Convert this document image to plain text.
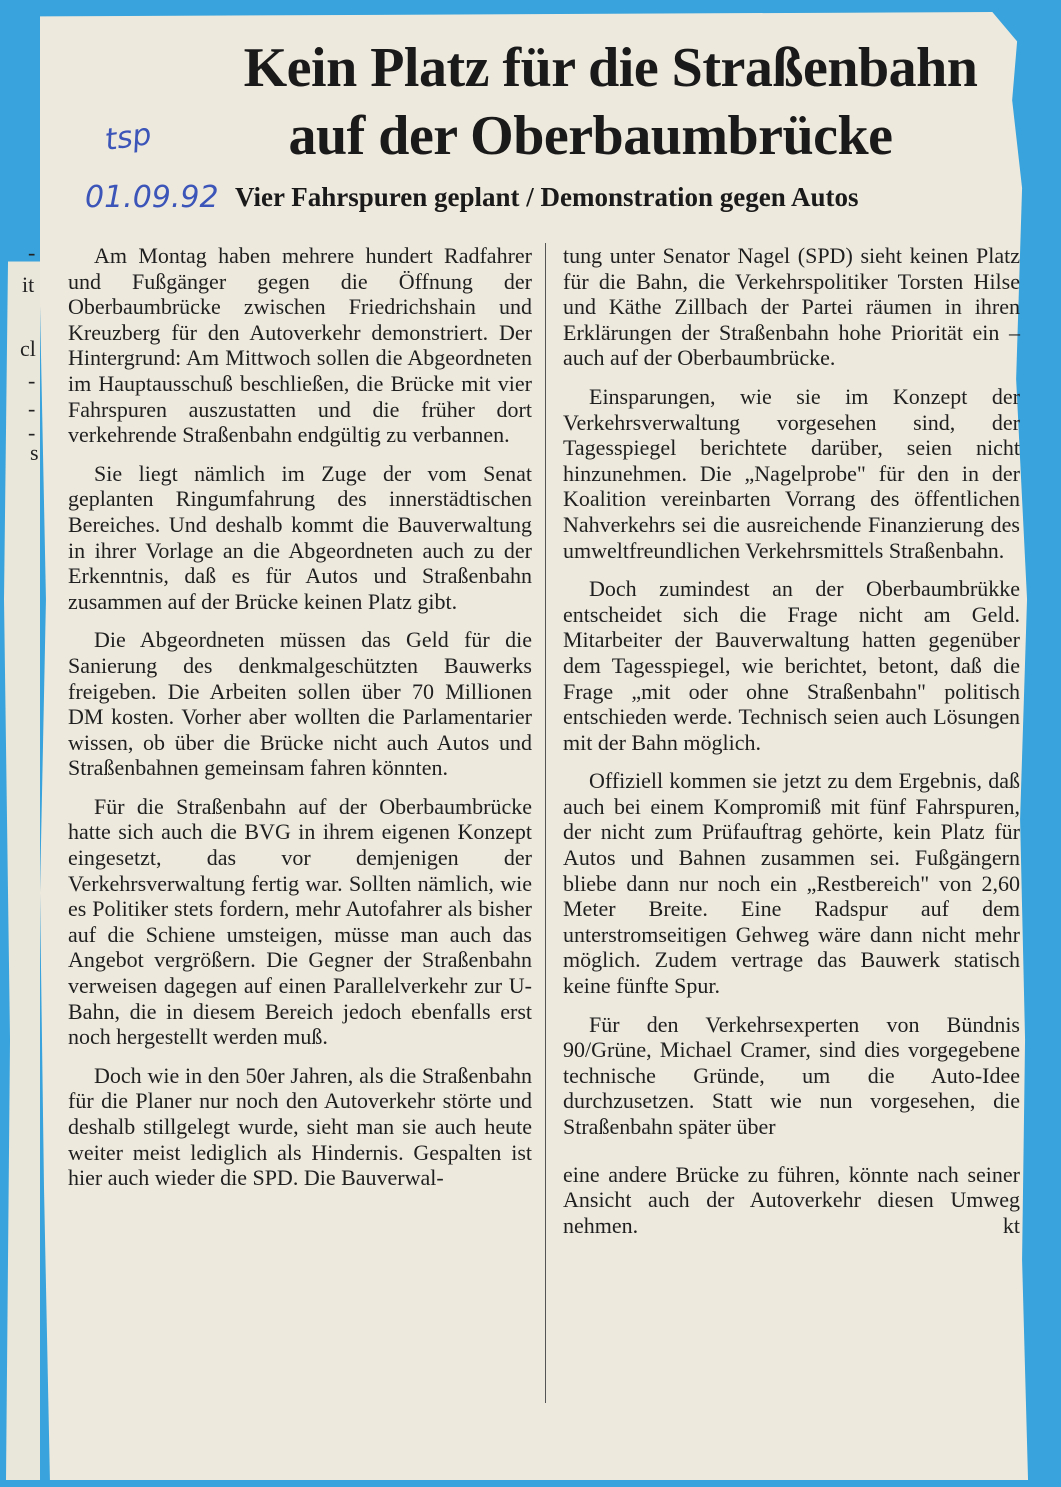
-
it
cl
-
-
-
s
Kein Platz für die Straßenbahn
auf der Oberbaumbrücke
tsp
01.09.92 Vier Fahrspuren geplant / Demonstration gegen Autos

Am Montag haben mehrere hundert Radfahrer und Fußgänger gegen die Öffnung der Oberbaumbrücke zwischen Friedrichshain und Kreuzberg für den Autoverkehr demonstriert. Der Hintergrund: Am Mittwoch sollen die Abgeordneten im Hauptausschuß beschließen, die Brücke mit vier Fahrspuren auszustatten und die früher dort verkehrende Straßenbahn endgültig zu verbannen.

Sie liegt nämlich im Zuge der vom Senat geplanten Ringumfahrung des innerstädtischen Bereiches. Und deshalb kommt die Bauverwaltung in ihrer Vorlage an die Abgeordneten auch zu der Erkenntnis, daß es für Autos und Straßenbahn zusammen auf der Brücke keinen Platz gibt.

Die Abgeordneten müssen das Geld für die Sanierung des denkmalgeschützten Bauwerks freigeben. Die Arbeiten sollen über 70 Millionen DM kosten. Vorher aber wollten die Parlamentarier wissen, ob über die Brücke nicht auch Autos und Straßenbahnen gemeinsam fahren könnten.

Für die Straßenbahn auf der Oberbaumbrücke hatte sich auch die BVG in ihrem eigenen Konzept eingesetzt, das vor demjenigen der Verkehrsverwaltung fertig war. Sollten nämlich, wie es Politiker stets fordern, mehr Autofahrer als bisher auf die Schiene umsteigen, müsse man auch das Angebot vergrößern. Die Gegner der Straßenbahn verweisen dagegen auf einen Parallelverkehr zur U-Bahn, die in diesem Bereich jedoch ebenfalls erst noch hergestellt werden muß.

Doch wie in den 50er Jahren, als die Straßenbahn für die Planer nur noch den Autoverkehr störte und deshalb stillgelegt wurde, sieht man sie auch heute weiter meist lediglich als Hindernis. Gespalten ist hier auch wieder die SPD. Die Bauverwal-

tung unter Senator Nagel (SPD) sieht keinen Platz für die Bahn, die Verkehrspolitiker Torsten Hilse und Käthe Zillbach der Partei räumen in ihren Erklärungen der Straßenbahn hohe Priorität ein – auch auf der Oberbaumbrücke.

Einsparungen, wie sie im Konzept der Verkehrsverwaltung vorgesehen sind, der Tagesspiegel berichtete darüber, seien nicht hinzunehmen. Die „Nagelprobe" für den in der Koalition vereinbarten Vorrang des öffentlichen Nahverkehrs sei die ausreichende Finanzierung des umweltfreundlichen Verkehrsmittels Straßenbahn.

Doch zumindest an der Oberbaumbrükke entscheidet sich die Frage nicht am Geld. Mitarbeiter der Bauverwaltung hatten gegenüber dem Tagesspiegel, wie berichtet, betont, daß die Frage „mit oder ohne Straßenbahn" politisch entschieden werde. Technisch seien auch Lösungen mit der Bahn möglich.

Offiziell kommen sie jetzt zu dem Ergebnis, daß auch bei einem Kompromiß mit fünf Fahrspuren, der nicht zum Prüfauftrag gehörte, kein Platz für Autos und Bahnen zusammen sei. Fußgängern bliebe dann nur noch ein „Restbereich" von 2,60 Meter Breite. Eine Radspur auf dem unterstromseitigen Gehweg wäre dann nicht mehr möglich. Zudem vertrage das Bauwerk statisch keine fünfte Spur.

Für den Verkehrsexperten von Bündnis 90/Grüne, Michael Cramer, sind dies vorgegebene technische Gründe, um die Auto-Idee durchzusetzen. Statt wie nun vorgesehen, die Straßenbahn später über

eine andere Brücke zu führen, könnte nach seiner Ansicht auch der Autoverkehr diesen Umweg nehmen.	kt
